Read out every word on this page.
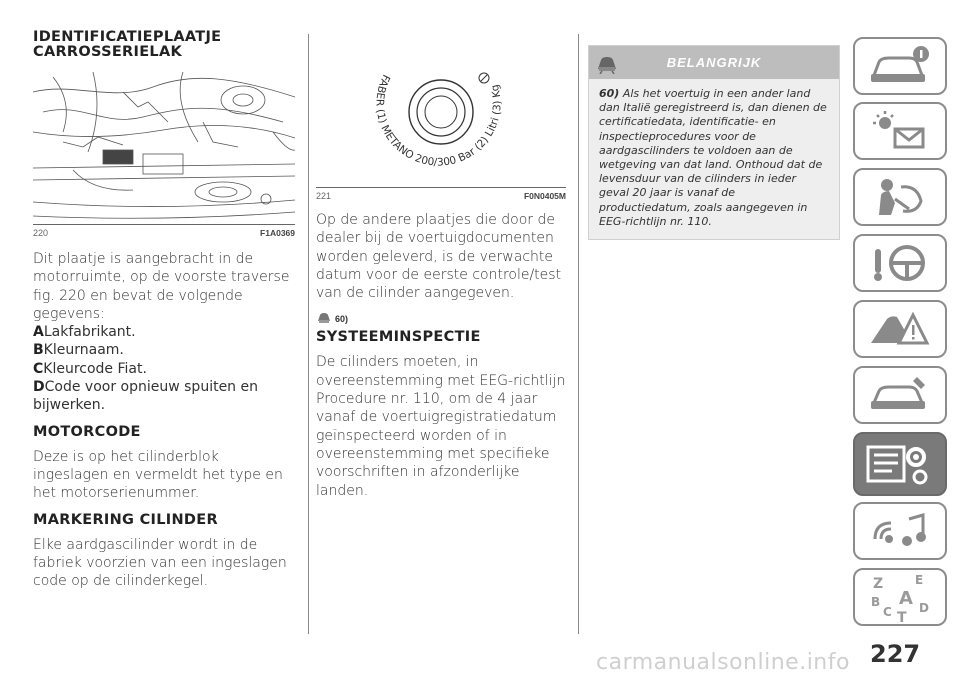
IDENTIFICATIEPLAATJE
CARROSSERIELAK
220	F1A0369

Dit plaatje is aangebracht in de motorruimte, op de voorste traverse fig. 220 en bevat de volgende gegevens:

ALakfabrikant.
BKleurnaam.
CKleurcode Fiat.
DCode voor opnieuw spuiten en bijwerken.
MOTORCODE

Deze is op het cilinderblok ingeslagen en vermeldt het type en het motorserienummer.

MARKERING CILINDER

Elke aardgascilinder wordt in de fabriek voorzien van een ingeslagen code op de cilinderkegel.

FABER (1) METANO 200/300 Bar (2) Litri (3) Kg
221	F0N0405M

Op de andere plaatjes die door de dealer bij de voertuigdocumenten worden geleverd, is de verwachte datum voor de eerste controle/test van de cilinder aangegeven.

60)
SYSTEEMINSPECTIE

De cilinders moeten, in overeenstemming met EEG-richtlijn Procedure nr. 110, om de 4 jaar vanaf de voertuigregistratiedatum geïnspecteerd worden of in overeenstemming met specifieke voorschriften in afzonderlijke landen.

BELANGRIJK
60) Als het voertuig in een ander land dan Italië geregistreerd is, dan dienen de certificatiedata, identificatie- en inspectieprocedures voor de aardgascilinders te voldoen aan de wetgeving van dat land. Onthoud dat de levensduur van de cilinders in ieder geval 20 jaar is vanaf de productiedatum, zoals aangegeven in EEG-richtlijn nr. 110.
Z	E
A
B
C D
T
227
carmanualsonline.info
